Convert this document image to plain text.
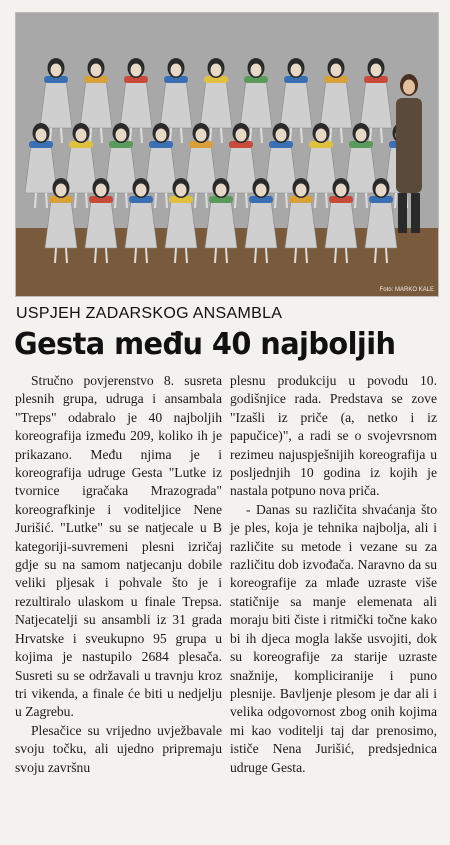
Foto: MARKO KALE
USPJEH ZADARSKOG ANSAMBLA
Gesta među 40 najboljih

Stručno povjerenstvo 8. susreta plesnih grupa, udruga i ansambala "Treps" odabralo je 40 najboljih koreografija između 209, koliko ih je prikazano. Među njima je i koreografija udruge Gesta "Lutke iz tvornice igračaka Mrazograda" koreografkinje i voditeljice Nene Jurišić. "Lutke" su se natjecale u B kategoriji-suvremeni plesni izričaj gdje su na samom natjecanju dobile veliki pljesak i pohvale što je i rezultiralo ulaskom u finale Trepsa. Natjecatelji su ansambli iz 31 grada Hrvatske i sveukupno 95 grupa u kojima je nastupilo 2684 plesača. Susreti su se održavali u travnju kroz tri vikenda, a finale će biti u nedjelju u Zagrebu.

Plesačice su vrijedno uvježbavale svoju točku, ali ujedno pripremaju svoju završnu

plesnu produkciju u povodu 10. godišnjice rada. Predstava se zove "Izašli iz priče (a, netko i iz papučice)", a radi se o svojevrsnom rezimeu najuspješnijih koreografija u posljednjih 10 godina iz kojih je nastala potpuno nova priča.

- Danas su različita shvaćanja što je ples, koja je tehnika najbolja, ali i različite su metode i vezane su za različitu dob izvođača. Naravno da su koreografije za mlađe uzraste više statičnije sa manje elemenata ali moraju biti čiste i ritmički točne kako bi ih djeca mogla lakše usvojiti, dok su koreografije za starije uzraste snažnije, kompliciranije i puno plesnije. Bavljenje plesom je dar ali i velika odgovornost zbog onih kojima mi kao voditelji taj dar prenosimo, ističe Nena Jurišić, predsjednica udruge Gesta.
